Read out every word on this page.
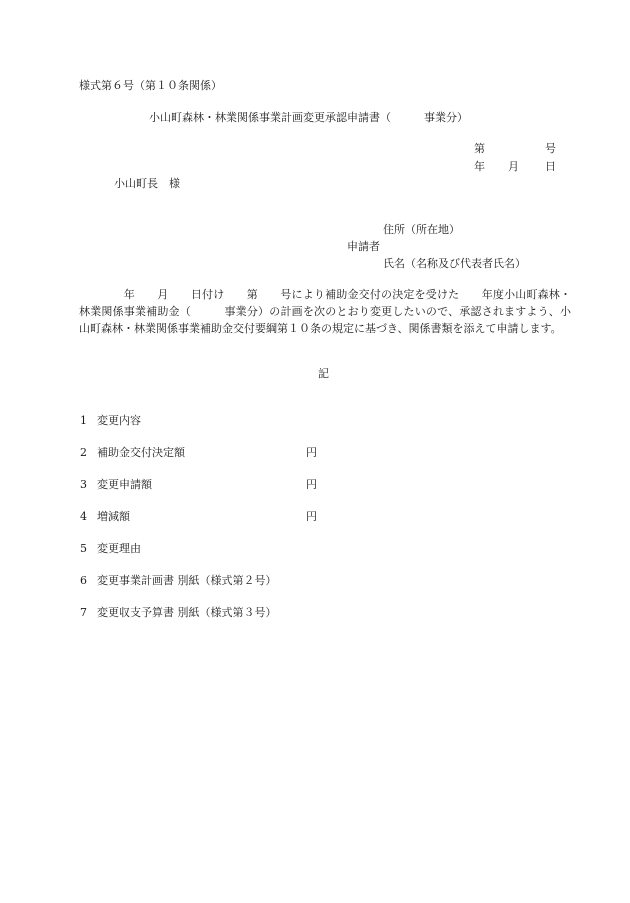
様式第６号（第１０条関係）
小山町森林・林業関係事業計画変更承認申請書（　　　事業分）
第	号
年 月 日
小山町長　様
住所（所在地）
申請者
氏名（名称及び代表者氏名）
　　　　年　　月　　日付け　　第　　号により補助金交付の決定を受けた　　年度小山町森林・林業関係事業補助金（　　　事業分）の計画を次のとおり変更したいので、承認されますよう、小山町森林・林業関係事業補助金交付要綱第１０条の規定に基づき、関係書類を添えて申請します。
記
1 変更内容
2 補助金交付決定額	円
3 変更申請額	円
4 増減額	円
5 変更理由
6 変更事業計画書 別紙（様式第２号）
7 変更収支予算書 別紙（様式第３号）
